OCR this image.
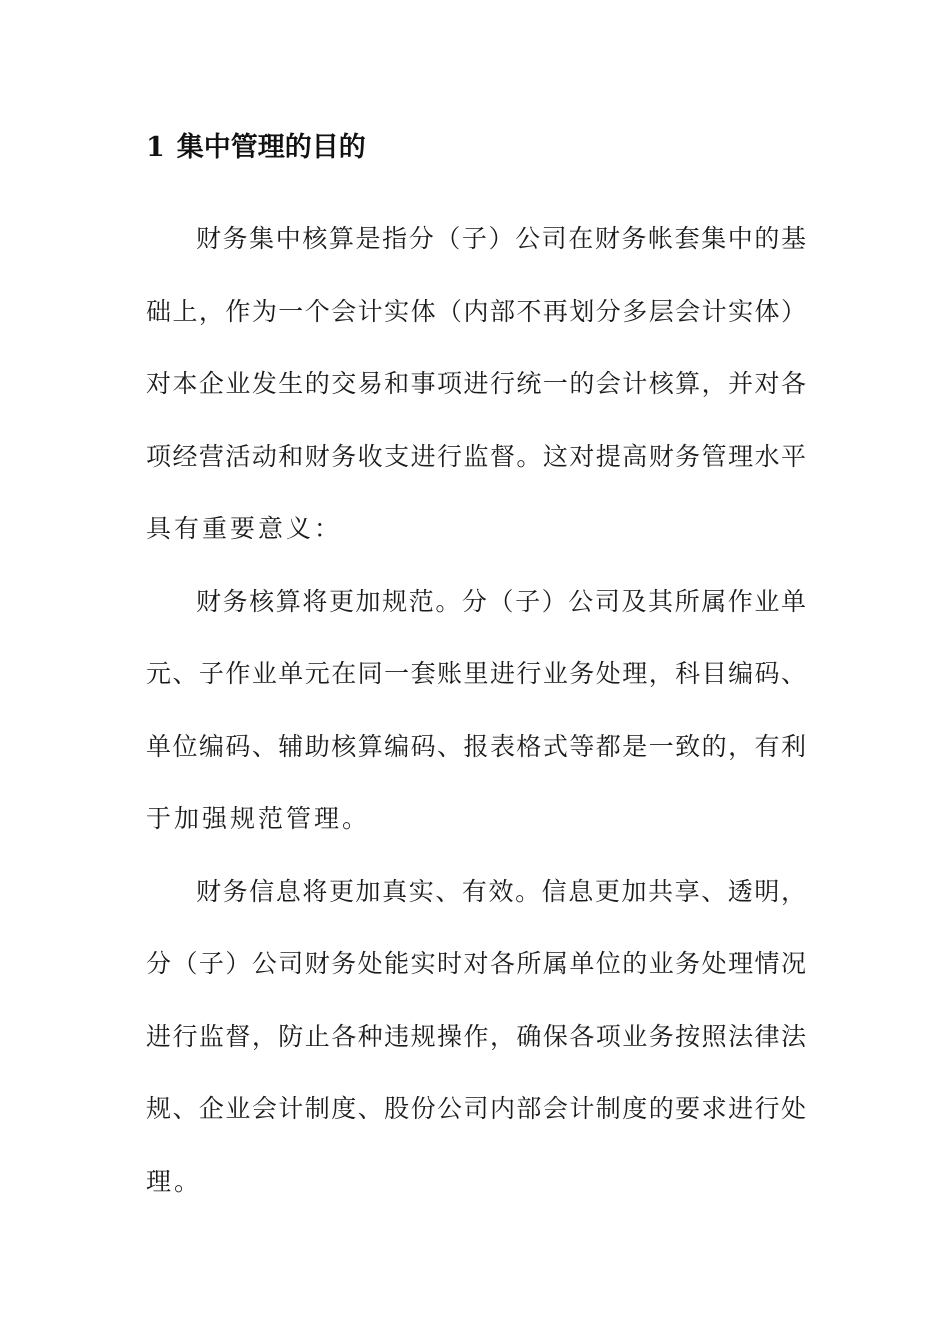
1 集中管理的目的

财务集中核算是指分（子）公司在财务帐套集中的基

础上，作为一个会计实体（内部不再划分多层会计实体）

对本企业发生的交易和事项进行统一的会计核算，并对各

项经营活动和财务收支进行监督。这对提高财务管理水平

具有重要意义：

财务核算将更加规范。分（子）公司及其所属作业单

元、子作业单元在同一套账里进行业务处理，科目编码、

单位编码、辅助核算编码、报表格式等都是一致的，有利

于加强规范管理。

财务信息将更加真实、有效。信息更加共享、透明，

分（子）公司财务处能实时对各所属单位的业务处理情况

进行监督，防止各种违规操作，确保各项业务按照法律法

规、企业会计制度、股份公司内部会计制度的要求进行处

理。
